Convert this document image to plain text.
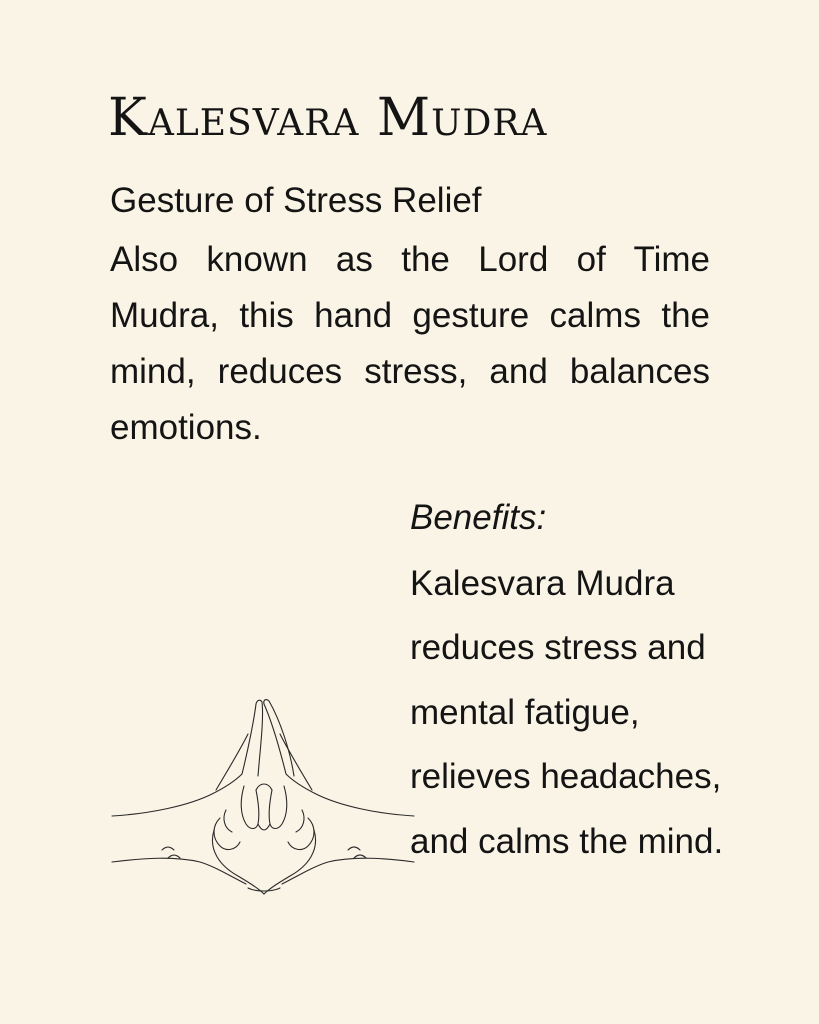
Kalesvara Mudra

Gesture of Stress Relief

Also known as the Lord of Time Mudra, this hand gesture calms the mind, reduces stress, and balances emotions.

Benefits:

Kalesvara Mudra reduces stress and mental fatigue, relieves headaches, and calms the mind.
